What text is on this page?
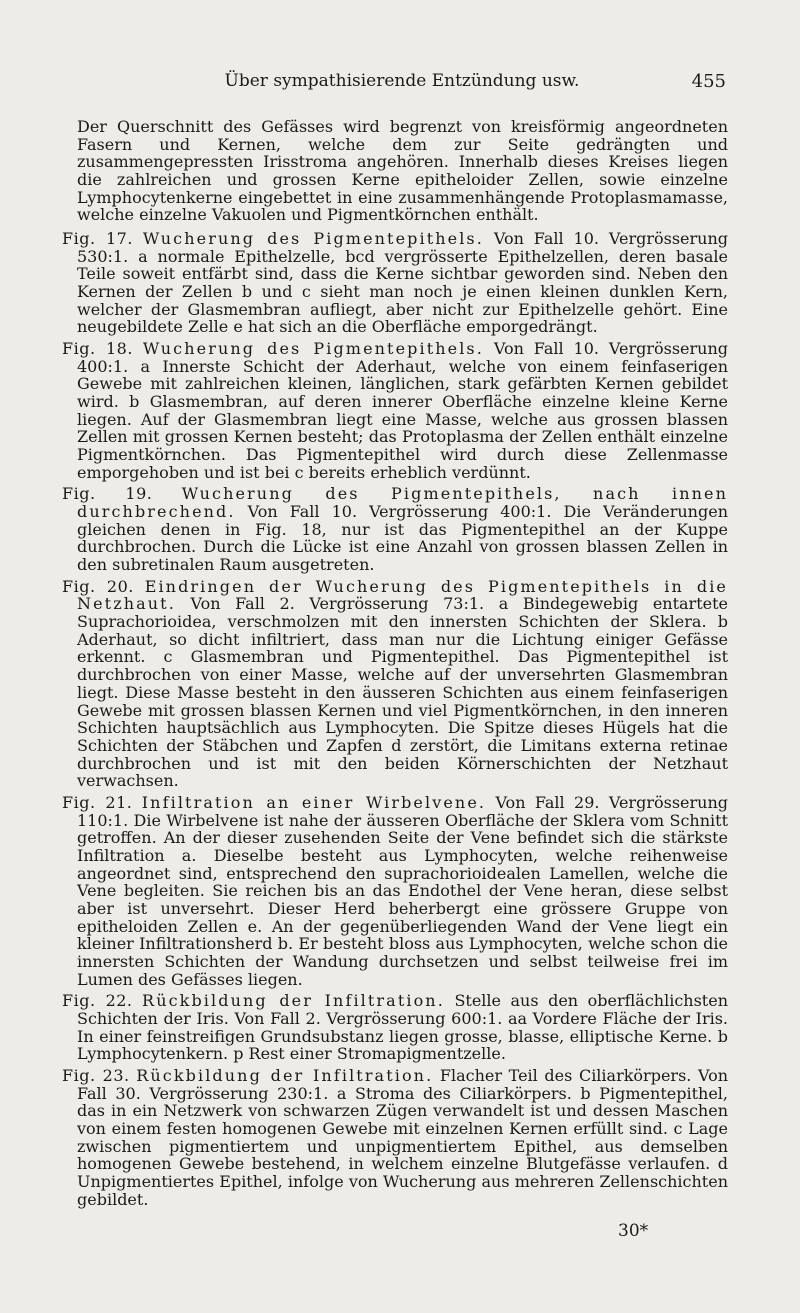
Über sympathisierende Entzündung usw.	455

Der Querschnitt des Gefässes wird begrenzt von kreisförmig angeordneten Fasern und Kernen, welche dem zur Seite gedrängten und zusammengepressten Irisstroma angehören. Innerhalb dieses Kreises liegen die zahlreichen und grossen Kerne epitheloider Zellen, sowie einzelne Lymphocytenkerne eingebettet in eine zusammenhängende Protoplasmamasse, welche einzelne Vakuolen und Pigmentkörnchen enthält.

Fig. 17. Wucherung des Pigmentepithels. Von Fall 10. Vergrösserung 530:1. a normale Epithelzelle, bcd vergrösserte Epithelzellen, deren basale Teile soweit entfärbt sind, dass die Kerne sichtbar geworden sind. Neben den Kernen der Zellen b und c sieht man noch je einen kleinen dunklen Kern, welcher der Glasmembran aufliegt, aber nicht zur Epithelzelle gehört. Eine neugebildete Zelle e hat sich an die Oberfläche emporgedrängt.

Fig. 18. Wucherung des Pigmentepithels. Von Fall 10. Vergrösserung 400:1. a Innerste Schicht der Aderhaut, welche von einem feinfaserigen Gewebe mit zahlreichen kleinen, länglichen, stark gefärbten Kernen gebildet wird. b Glasmembran, auf deren innerer Oberfläche einzelne kleine Kerne liegen. Auf der Glasmembran liegt eine Masse, welche aus grossen blassen Zellen mit grossen Kernen besteht; das Protoplasma der Zellen enthält einzelne Pigmentkörnchen. Das Pigmentepithel wird durch diese Zellenmasse emporgehoben und ist bei c bereits erheblich verdünnt.

Fig. 19. Wucherung des Pigmentepithels, nach innen durchbrechend. Von Fall 10. Vergrösserung 400:1. Die Veränderungen gleichen denen in Fig. 18, nur ist das Pigmentepithel an der Kuppe durchbrochen. Durch die Lücke ist eine Anzahl von grossen blassen Zellen in den subretinalen Raum ausgetreten.

Fig. 20. Eindringen der Wucherung des Pigmentepithels in die Netzhaut. Von Fall 2. Vergrösserung 73:1. a Bindegewebig entartete Suprachorioidea, verschmolzen mit den innersten Schichten der Sklera. b Aderhaut, so dicht infiltriert, dass man nur die Lichtung einiger Gefässe erkennt. c Glasmembran und Pigmentepithel. Das Pigmentepithel ist durchbrochen von einer Masse, welche auf der unversehrten Glasmembran liegt. Diese Masse besteht in den äusseren Schichten aus einem feinfaserigen Gewebe mit grossen blassen Kernen und viel Pigmentkörnchen, in den inneren Schichten hauptsächlich aus Lymphocyten. Die Spitze dieses Hügels hat die Schichten der Stäbchen und Zapfen d zerstört, die Limitans externa retinae durchbrochen und ist mit den beiden Körnerschichten der Netzhaut verwachsen.

Fig. 21. Infiltration an einer Wirbelvene. Von Fall 29. Vergrösserung 110:1. Die Wirbelvene ist nahe der äusseren Oberfläche der Sklera vom Schnitt getroffen. An der dieser zusehenden Seite der Vene befindet sich die stärkste Infiltration a. Dieselbe besteht aus Lymphocyten, welche reihenweise angeordnet sind, entsprechend den suprachorioidealen Lamellen, welche die Vene begleiten. Sie reichen bis an das Endothel der Vene heran, diese selbst aber ist unversehrt. Dieser Herd beherbergt eine grössere Gruppe von epitheloiden Zellen e. An der gegenüberliegenden Wand der Vene liegt ein kleiner Infiltrationsherd b. Er besteht bloss aus Lymphocyten, welche schon die innersten Schichten der Wandung durchsetzen und selbst teilweise frei im Lumen des Gefässes liegen.

Fig. 22. Rückbildung der Infiltration. Stelle aus den oberflächlichsten Schichten der Iris. Von Fall 2. Vergrösserung 600:1. aa Vordere Fläche der Iris. In einer feinstreifigen Grundsubstanz liegen grosse, blasse, elliptische Kerne. b Lymphocytenkern. p Rest einer Stromapigmentzelle.

Fig. 23. Rückbildung der Infiltration. Flacher Teil des Ciliarkörpers. Von Fall 30. Vergrösserung 230:1. a Stroma des Ciliarkörpers. b Pigmentepithel, das in ein Netzwerk von schwarzen Zügen verwandelt ist und dessen Maschen von einem festen homogenen Gewebe mit einzelnen Kernen erfüllt sind. c Lage zwischen pigmentiertem und unpigmentiertem Epithel, aus demselben homogenen Gewebe bestehend, in welchem einzelne Blutgefässe verlaufen. d Unpigmentiertes Epithel, infolge von Wucherung aus mehreren Zellenschichten gebildet.

30*
